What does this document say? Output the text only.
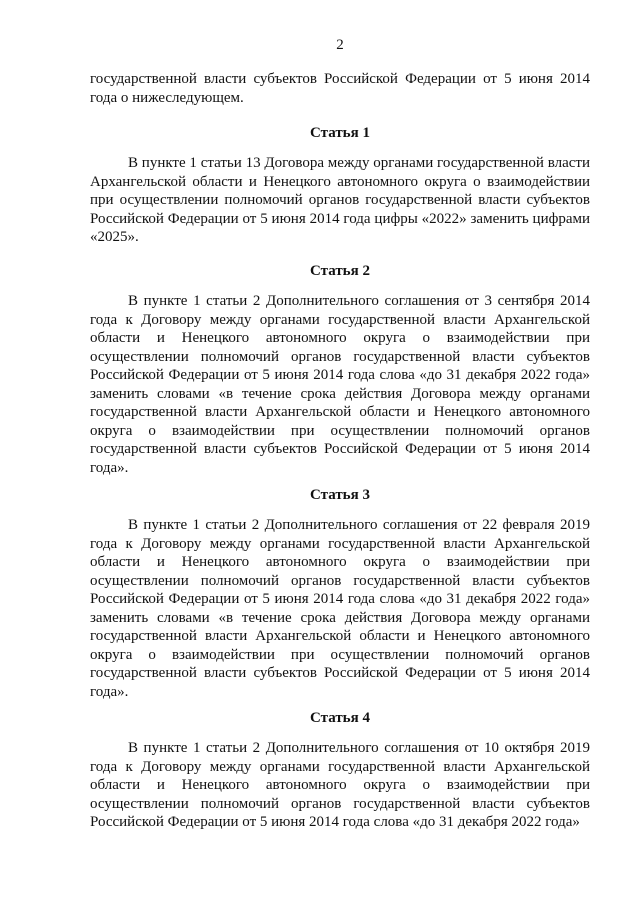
2

государственной власти субъектов Российской Федерации от 5 июня 2014 года о нижеследующем.

Статья 1

В пункте 1 статьи 13 Договора между органами государственной власти Архангельской области и Ненецкого автономного округа о взаимодействии при осуществлении полномочий органов государственной власти субъектов Российской Федерации от 5 июня 2014 года цифры «2022» заменить цифрами «2025».

Статья 2

В пункте 1 статьи 2 Дополнительного соглашения от 3 сентября 2014 года к Договору между органами государственной власти Архангельской области и Ненецкого автономного округа о взаимодействии при осуществлении полномочий органов государственной власти субъектов Российской Федерации от 5 июня 2014 года слова «до 31 декабря 2022 года» заменить словами «в течение срока действия Договора между органами государственной власти Архангельской области и Ненецкого автономного округа о взаимодействии при осуществлении полномочий органов государственной власти субъектов Российской Федерации от 5 июня 2014 года».

Статья 3

В пункте 1 статьи 2 Дополнительного соглашения от 22 февраля 2019 года к Договору между органами государственной власти Архангельской области и Ненецкого автономного округа о взаимодействии при осуществлении полномочий органов государственной власти субъектов Российской Федерации от 5 июня 2014 года слова «до 31 декабря 2022 года» заменить словами «в течение срока действия Договора между органами государственной власти Архангельской области и Ненецкого автономного округа о взаимодействии при осуществлении полномочий органов государственной власти субъектов Российской Федерации от 5 июня 2014 года».

Статья 4

В пункте 1 статьи 2 Дополнительного соглашения от 10 октября 2019 года к Договору между органами государственной власти Архангельской области и Ненецкого автономного округа о взаимодействии при осуществлении полномочий органов государственной власти субъектов Российской Федерации от 5 июня 2014 года слова «до 31 декабря 2022 года»
